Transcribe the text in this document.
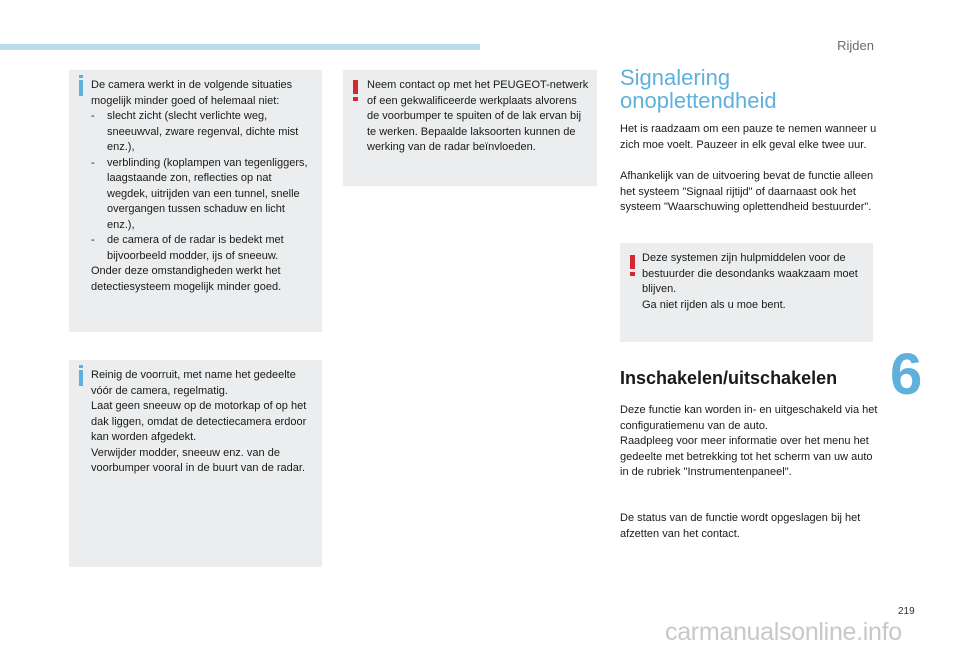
Rijden
6
219

De camera werkt in de volgende situaties mogelijk minder goed of helemaal niet:

-	slecht zicht (slecht verlichte weg, sneeuwval, zware regenval, dichte mist enz.),
-	verblinding (koplampen van tegenliggers, laagstaande zon, reflecties op nat wegdek, uitrijden van een tunnel, snelle overgangen tussen schaduw en licht enz.),
-	de camera of de radar is bedekt met bijvoorbeeld modder, ijs of sneeuw.

Onder deze omstandigheden werkt het detectiesysteem mogelijk minder goed.

Reinig de voorruit, met name het gedeelte vóór de camera, regelmatig.

Laat geen sneeuw op de motorkap of op het dak liggen, omdat de detectiecamera erdoor kan worden afgedekt.

Verwijder modder, sneeuw enz. van de voorbumper vooral in de buurt van de radar.

Neem contact op met het PEUGEOT-netwerk of een gekwalificeerde werkplaats alvorens de voorbumper te spuiten of de lak ervan bij te werken. Bepaalde laksoorten kunnen de werking van de radar beïnvloeden.

Signalering
onoplettendheid

Het is raadzaam om een pauze te nemen wanneer u zich moe voelt. Pauzeer in elk geval elke twee uur.

Afhankelijk van de uitvoering bevat de functie alleen het systeem "Signaal rijtijd" of daarnaast ook het systeem "Waarschuwing oplettendheid bestuurder".

Deze systemen zijn hulpmiddelen voor de bestuurder die desondanks waakzaam moet blijven.

Ga niet rijden als u moe bent.

Inschakelen/uitschakelen

Deze functie kan worden in- en uitgeschakeld via het configuratiemenu van de auto.

Raadpleeg voor meer informatie over het menu het gedeelte met betrekking tot het scherm van uw auto in de rubriek "Instrumentenpaneel".

De status van de functie wordt opgeslagen bij het afzetten van het contact.

carmanualsonline.info
